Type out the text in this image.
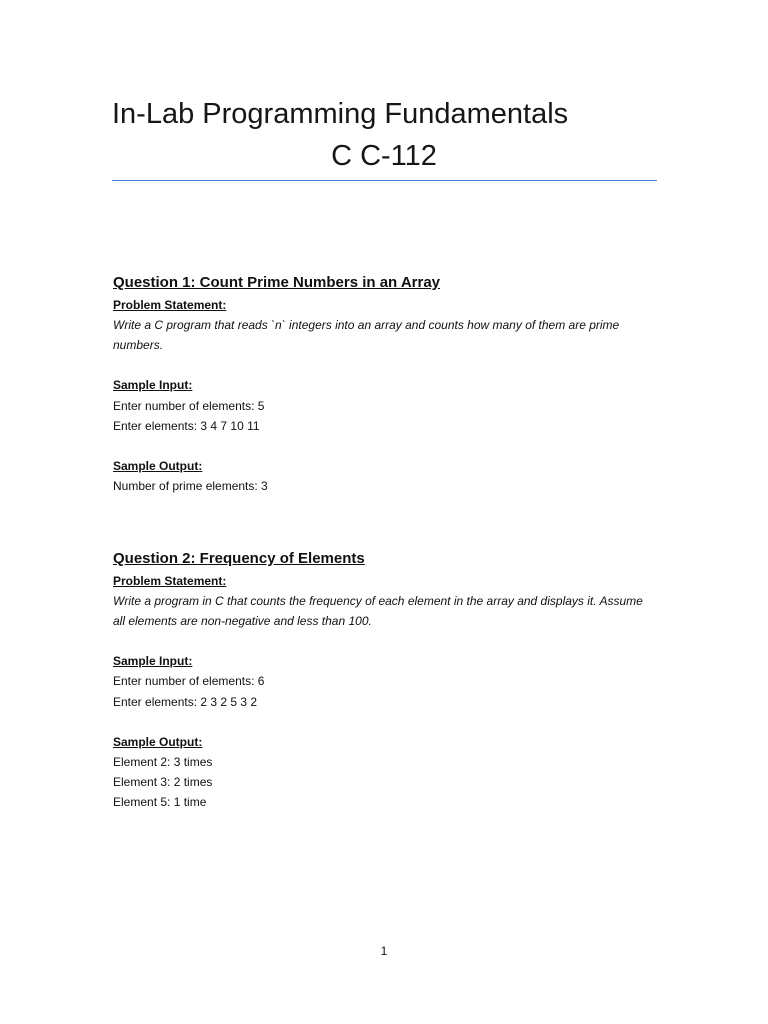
In-Lab Programming Fundamentals
C C-112
Question 1: Count Prime Numbers in an Array
Problem Statement:
Write a C program that reads `n` integers into an array and counts how many of them are prime numbers.
Sample Input:
Enter number of elements: 5
Enter elements: 3 4 7 10 11
Sample Output:
Number of prime elements: 3
Question 2: Frequency of Elements
Problem Statement:
Write a program in C that counts the frequency of each element in the array and displays it. Assume all elements are non-negative and less than 100.
Sample Input:
Enter number of elements: 6
Enter elements: 2 3 2 5 3 2
Sample Output:
Element 2: 3 times
Element 3: 2 times
Element 5: 1 time
1
